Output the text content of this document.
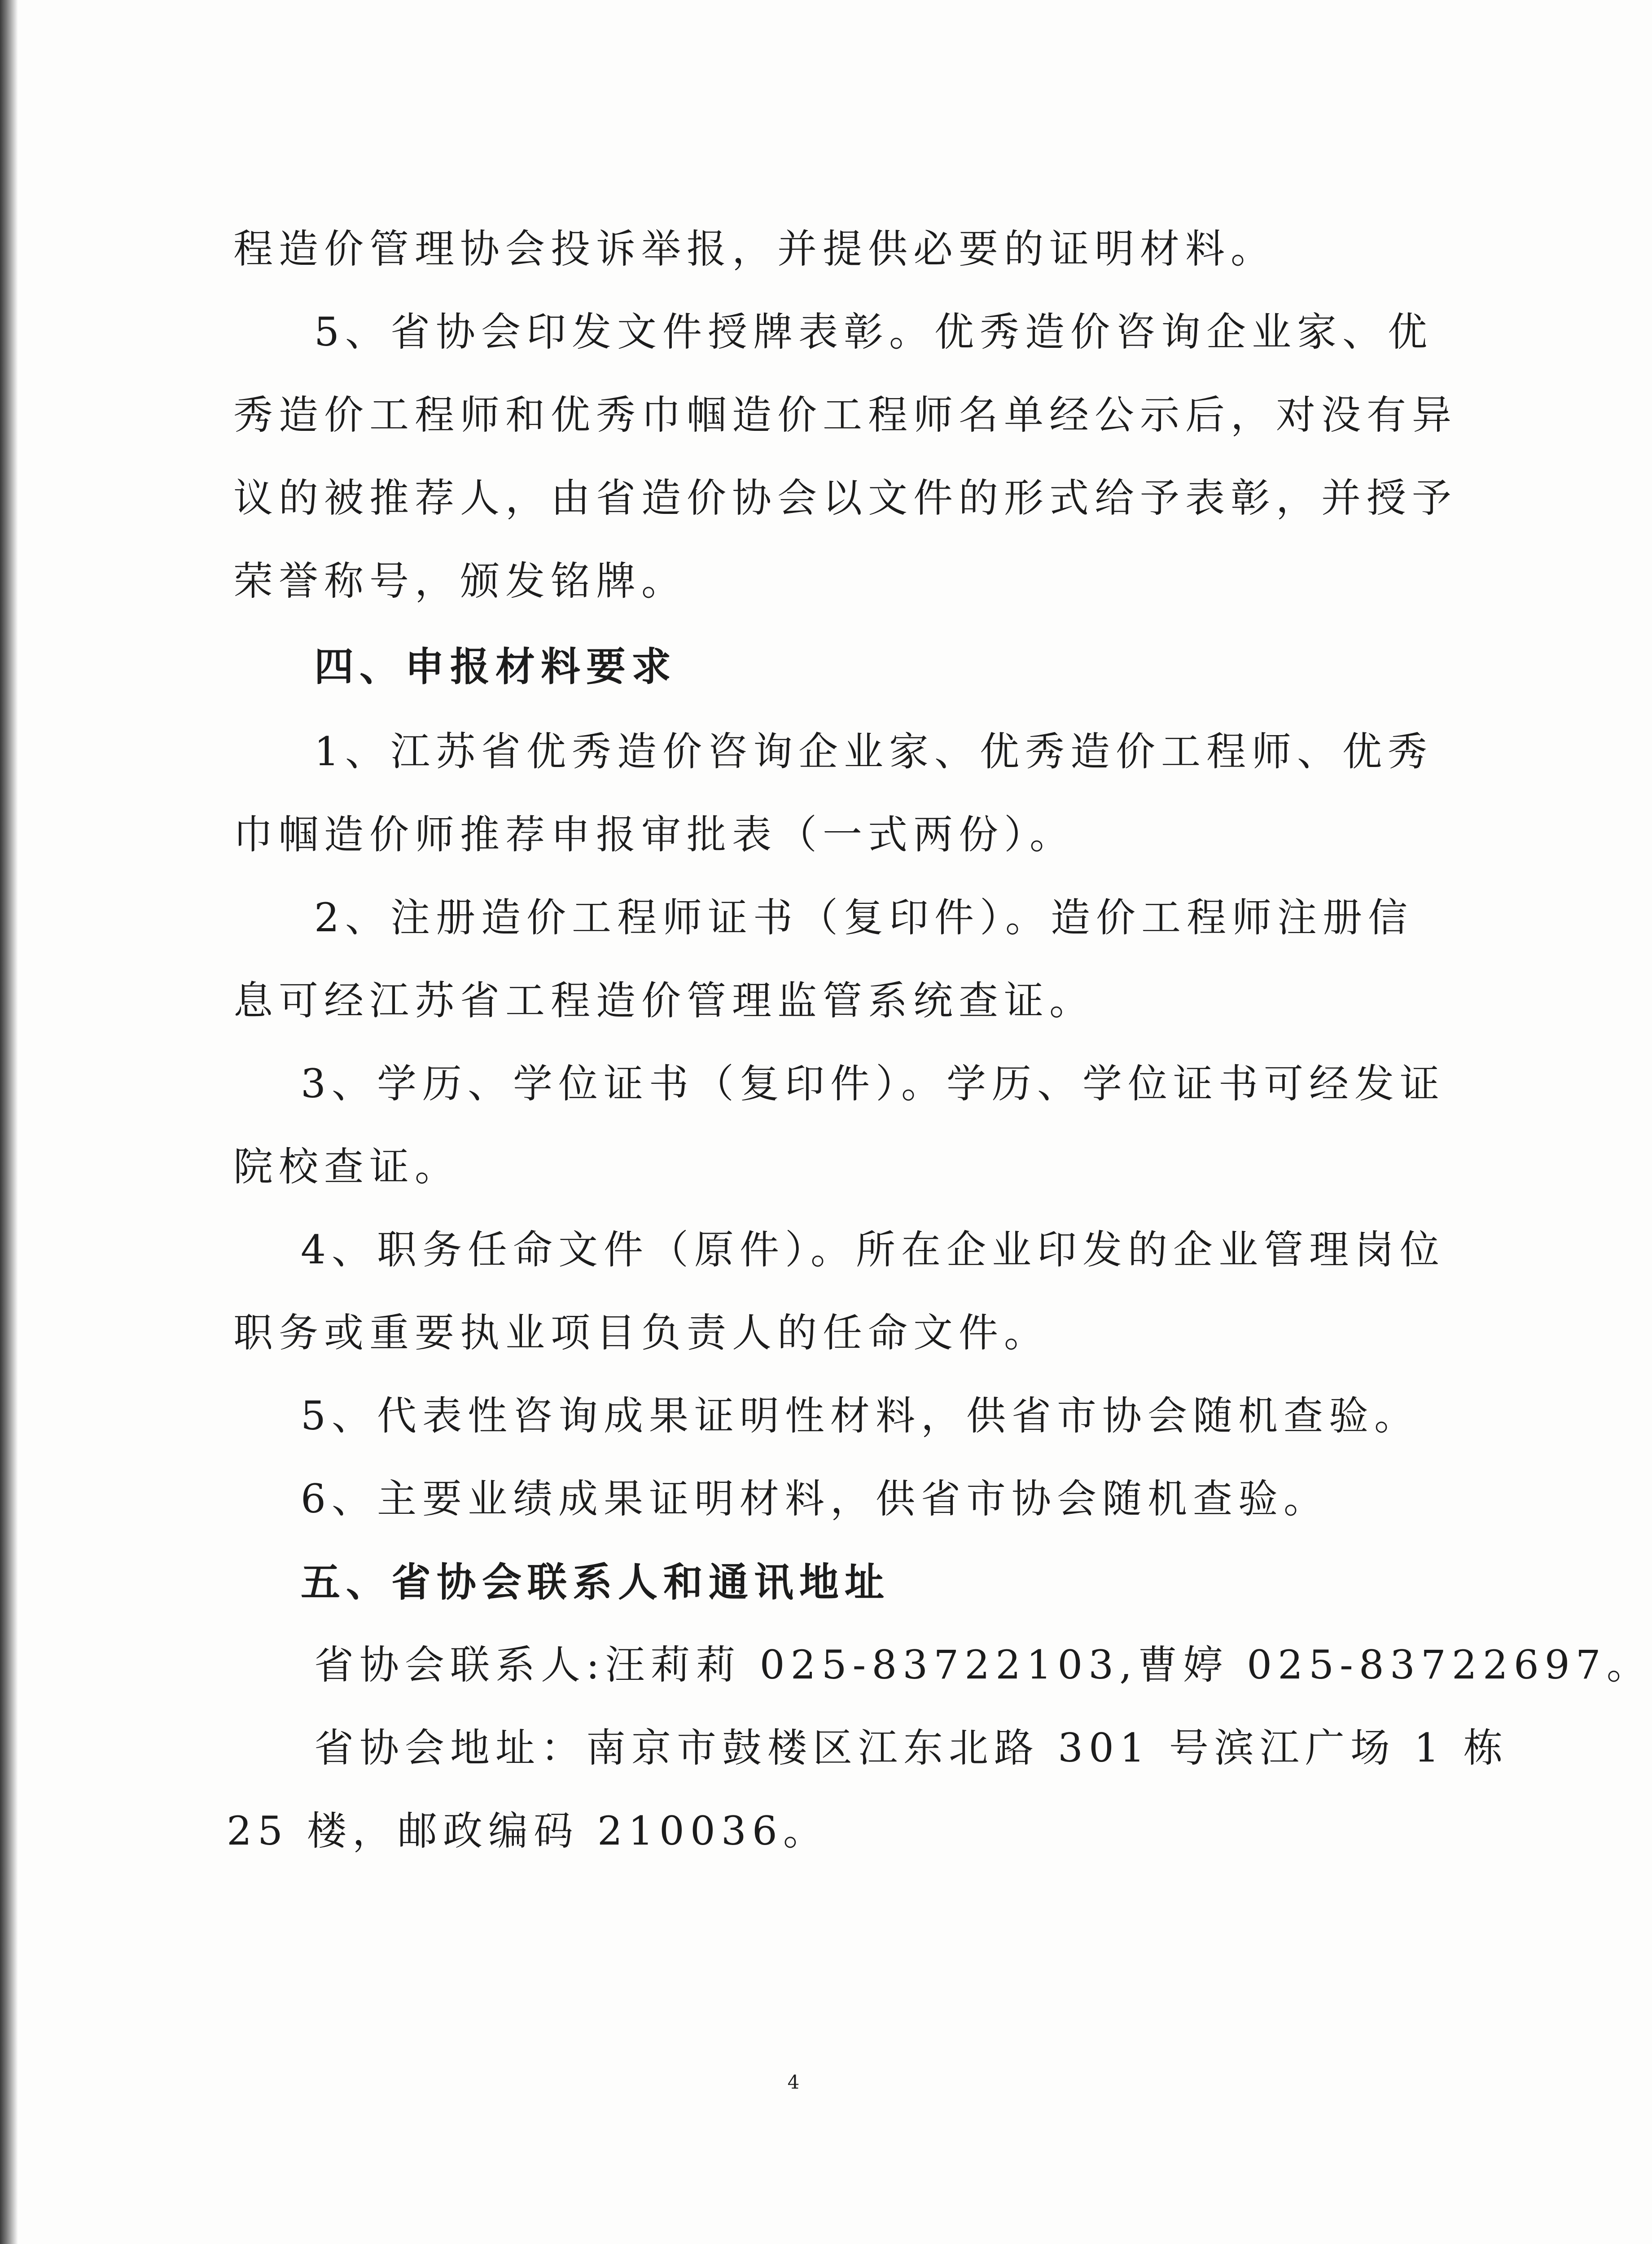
程造价管理协会投诉举报，并提供必要的证明材料。
5、省协会印发文件授牌表彰。优秀造价咨询企业家、优
秀造价工程师和优秀巾帼造价工程师名单经公示后，对没有异
议的被推荐人，由省造价协会以文件的形式给予表彰，并授予
荣誉称号，颁发铭牌。
四、申报材料要求
1、江苏省优秀造价咨询企业家、优秀造价工程师、优秀
巾帼造价师推荐申报审批表（一式两份）。
2、注册造价工程师证书（复印件）。造价工程师注册信
息可经江苏省工程造价管理监管系统查证。
3、学历、学位证书（复印件）。学历、学位证书可经发证
院校查证。
4、职务任命文件（原件）。所在企业印发的企业管理岗位
职务或重要执业项目负责人的任命文件。
5、代表性咨询成果证明性材料，供省市协会随机查验。
6、主要业绩成果证明材料，供省市协会随机查验。
五、省协会联系人和通讯地址
省协会联系人:汪莉莉 025-83722103,曹婷 025-83722697。
省协会地址：南京市鼓楼区江东北路 301 号滨江广场 1 栋
25 楼，邮政编码 210036。
4
